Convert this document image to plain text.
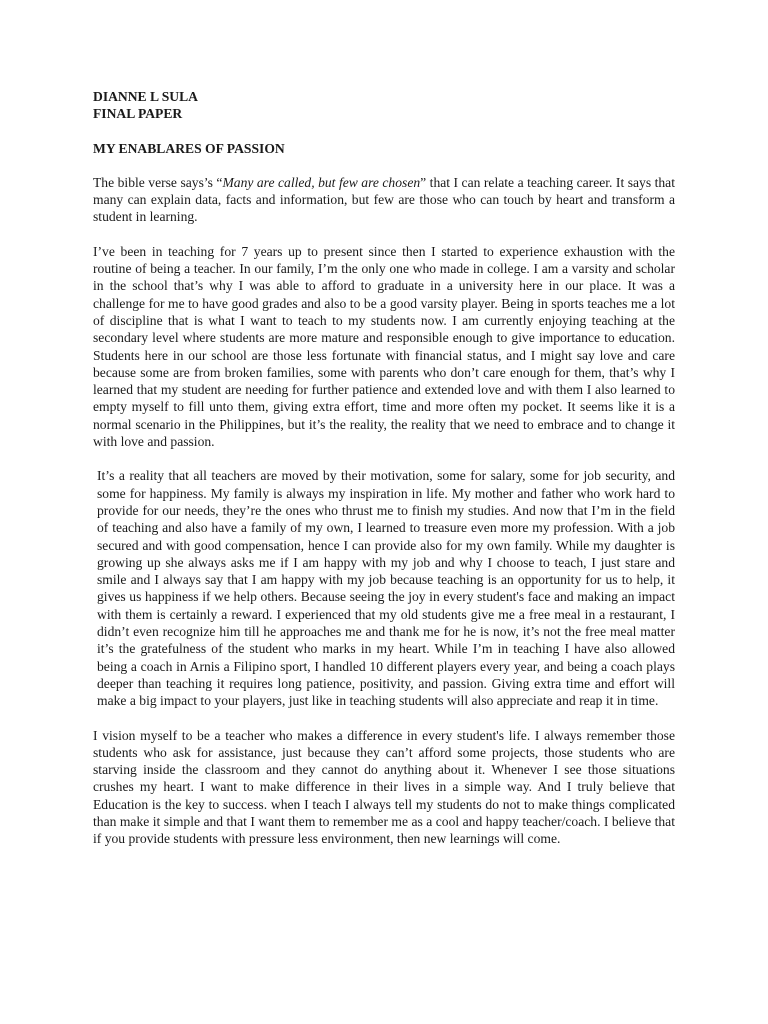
DIANNE L SULA
FINAL PAPER
MY ENABLARES OF PASSION

The bible verse says’s “Many are called, but few are chosen” that I can relate a teaching career. It says that many can explain data, facts and information, but few are those who can touch by heart and transform a student in learning.

I’ve been in teaching for 7 years up to present since then I started to experience exhaustion with the routine of being a teacher. In our family, I’m the only one who made in college. I am a varsity and scholar in the school that’s why I was able to afford to graduate in a university here in our place. It was a challenge for me to have good grades and also to be a good varsity player. Being in sports teaches me a lot of discipline that is what I want to teach to my students now. I am currently enjoying teaching at the secondary level where students are more mature and responsible enough to give importance to education. Students here in our school are those less fortunate with financial status, and I might say love and care because some are from broken families, some with parents who don’t care enough for them, that’s why I learned that my student are needing for further patience and extended love and with them I also learned to empty myself to fill unto them, giving extra effort, time and more often my pocket. It seems like it is a normal scenario in the Philippines, but it’s the reality, the reality that we need to embrace and to change it with love and passion.

It’s a reality that all teachers are moved by their motivation, some for salary, some for job security, and some for happiness. My family is always my inspiration in life. My mother and father who work hard to provide for our needs, they’re the ones who thrust me to finish my studies. And now that I’m in the field of teaching and also have a family of my own, I learned to treasure even more my profession. With a job secured and with good compensation, hence I can provide also for my own family. While my daughter is growing up she always asks me if I am happy with my job and why I choose to teach, I just stare and smile and I always say that I am happy with my job because teaching is an opportunity for us to help, it gives us happiness if we help others. Because seeing the joy in every student's face and making an impact with them is certainly a reward. I experienced that my old students give me a free meal in a restaurant, I didn’t even recognize him till he approaches me and thank me for he is now, it’s not the free meal matter it’s the gratefulness of the student who marks in my heart. While I’m in teaching I have also allowed being a coach in Arnis a Filipino sport, I handled 10 different players every year, and being a coach plays deeper than teaching it requires long patience, positivity, and passion. Giving extra time and effort will make a big impact to your players, just like in teaching students will also appreciate and reap it in time.

I vision myself to be a teacher who makes a difference in every student's life. I always remember those students who ask for assistance, just because they can’t afford some projects, those students who are starving inside the classroom and they cannot do anything about it. Whenever I see those situations crushes my heart. I want to make difference in their lives in a simple way. And I truly believe that Education is the key to success. when I teach I always tell my students do not to make things complicated than make it simple and that I want them to remember me as a cool and happy teacher/coach. I believe that if you provide students with pressure less environment, then new learnings will come.
